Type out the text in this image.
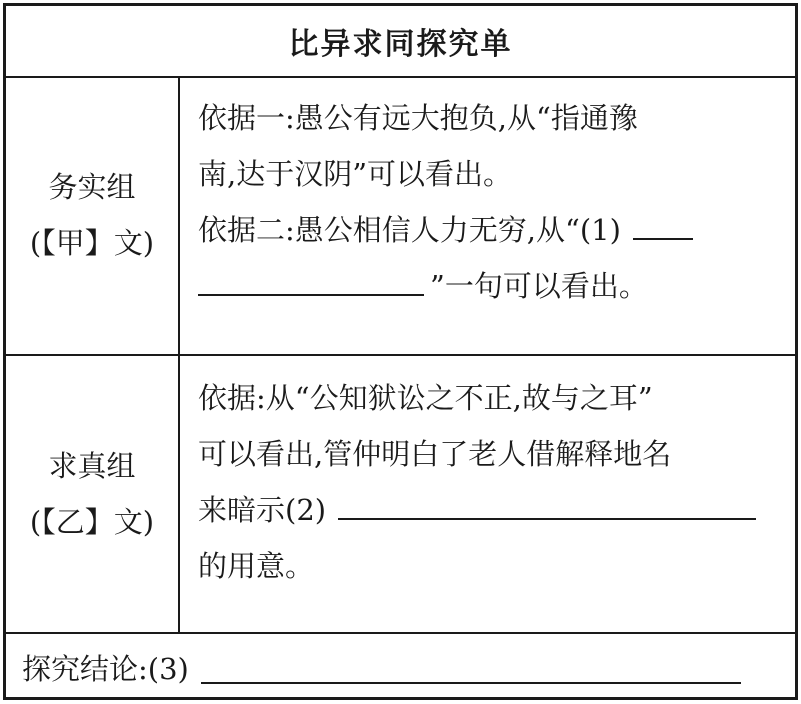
比异求同探究单
务实组
(【甲】文)
依据一:愚公有远大抱负,从“指通豫
南,达于汉阴”可以看出。
依据二:愚公相信人力无穷,从“(1)
”一句可以看出。
求真组
(【乙】文)
依据:从“公知狱讼之不正,故与之耳”
可以看出,管仲明白了老人借解释地名
来暗示(2)
的用意。
探究结论:(3)
